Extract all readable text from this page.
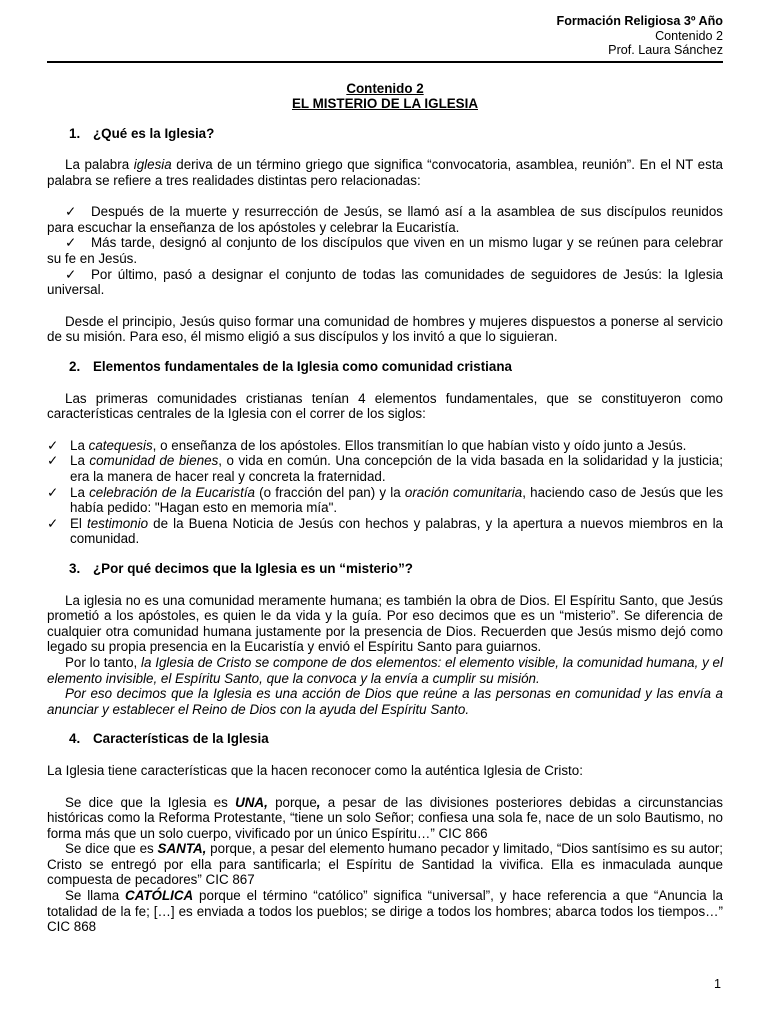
Formación Religiosa 3º Año
Contenido 2
Prof. Laura Sánchez
Contenido 2
EL MISTERIO DE LA IGLESIA
1. ¿Qué es la Iglesia?

La palabra iglesia deriva de un término griego que significa “convocatoria, asamblea, reunión”. En el NT esta palabra se refiere a tres realidades distintas pero relacionadas:

✓ Después de la muerte y resurrección de Jesús, se llamó así a la asamblea de sus discípulos reunidos para escuchar la enseñanza de los apóstoles y celebrar la Eucaristía.

✓ Más tarde, designó al conjunto de los discípulos que viven en un mismo lugar y se reúnen para celebrar su fe en Jesús.

✓ Por último, pasó a designar el conjunto de todas las comunidades de seguidores de Jesús: la Iglesia universal.

Desde el principio, Jesús quiso formar una comunidad de hombres y mujeres dispuestos a ponerse al servicio de su misión. Para eso, él mismo eligió a sus discípulos y los invitó a que lo siguieran.

2. Elementos fundamentales de la Iglesia como comunidad cristiana

Las primeras comunidades cristianas tenían 4 elementos fundamentales, que se constituyeron como características centrales de la Iglesia con el correr de los siglos:

✓ La catequesis, o enseñanza de los apóstoles. Ellos transmitían lo que habían visto y oído junto a Jesús.
✓ La comunidad de bienes, o vida en común. Una concepción de la vida basada en la solidaridad y la justicia; era la manera de hacer real y concreta la fraternidad.
✓ La celebración de la Eucaristía (o fracción del pan) y la oración comunitaria, haciendo caso de Jesús que les había pedido: "Hagan esto en memoria mía".
✓ El testimonio de la Buena Noticia de Jesús con hechos y palabras, y la apertura a nuevos miembros en la comunidad.
3. ¿Por qué decimos que la Iglesia es un “misterio”?

La iglesia no es una comunidad meramente humana; es también la obra de Dios. El Espíritu Santo, que Jesús prometió a los apóstoles, es quien le da vida y la guía. Por eso decimos que es un “misterio”. Se diferencia de cualquier otra comunidad humana justamente por la presencia de Dios. Recuerden que Jesús mismo dejó como legado su propia presencia en la Eucaristía y envió el Espíritu Santo para guiarnos.

Por lo tanto, la Iglesia de Cristo se compone de dos elementos: el elemento visible, la comunidad humana, y el elemento invisible, el Espíritu Santo, que la convoca y la envía a cumplir su misión.

Por eso decimos que la Iglesia es una acción de Dios que reúne a las personas en comunidad y las envía a anunciar y establecer el Reino de Dios con la ayuda del Espíritu Santo.

4. Características de la Iglesia

La Iglesia tiene características que la hacen reconocer como la auténtica Iglesia de Cristo:

Se dice que la Iglesia es UNA, porque, a pesar de las divisiones posteriores debidas a circunstancias históricas como la Reforma Protestante, “tiene un solo Señor; confiesa una sola fe, nace de un solo Bautismo, no forma más que un solo cuerpo, vivificado por un único Espíritu…” CIC 866

Se dice que es SANTA, porque, a pesar del elemento humano pecador y limitado, “Dios santísimo es su autor; Cristo se entregó por ella para santificarla; el Espíritu de Santidad la vivifica. Ella es inmaculada aunque compuesta de pecadores” CIC 867

Se llama CATÓLICA porque el término “católico” significa “universal”, y hace referencia a que “Anuncia la totalidad de la fe; […] es enviada a todos los pueblos; se dirige a todos los hombres; abarca todos los tiempos…” CIC 868

1
